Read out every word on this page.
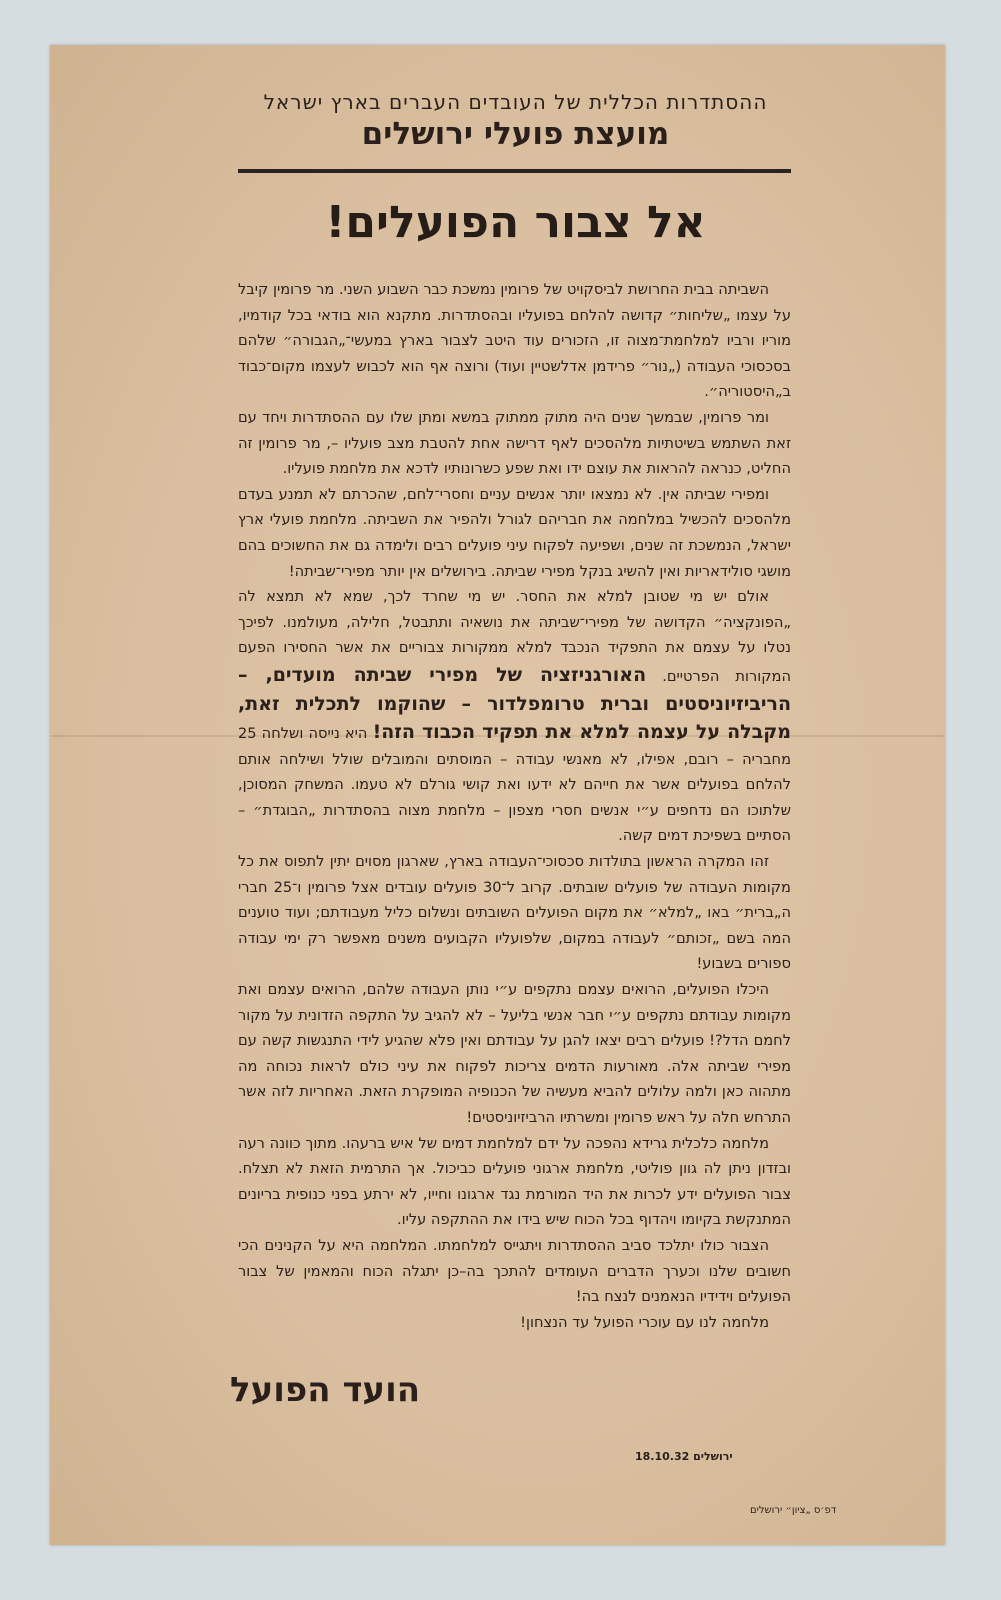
ההסתדרות הכללית של העובדים העברים בארץ ישראל
מועצת פועלי ירושלים
אל צבור הפועלים!

השביתה בבית החרושת לביסקויט של פרומין נמשכת כבר השבוע השני. מר פרומין קיבל על עצמו „שליחות״ קדושה להלחם בפועליו ובהסתדרות. מתקנא הוא בודאי בכל קודמיו, מוריו ורביו למלחמת־מצוה זו, הזכורים עוד היטב לצבור בארץ במעשי־„הגבורה״ שלהם בסכסוכי העבודה („נור״ פרידמן אדלשטיין ועוד) ורוצה אף הוא לכבוש לעצמו מקום־כבוד ב„היסטוריה״.

ומר פרומין, שבמשך שנים היה מתוק ממתוק במשא ומתן שלו עם ההסתדרות ויחד עם זאת השתמש בשיטתיות מלהסכים לאף דרישה אחת להטבת מצב פועליו –, מר פרומין זה החליט, כנראה להראות את עוצם ידו ואת שפע כשרונותיו לדכא את מלחמת פועליו.

ומפירי שביתה אין. לא נמצאו יותר אנשים עניים וחסרי־לחם, שהכרתם לא תמנע בעדם מלהסכים להכשיל במלחמה את חבריהם לגורל ולהפיר את השביתה. מלחמת פועלי ארץ ישראל, הנמשכת זה שנים, ושפיעה לפקוח עיני פועלים רבים ולימדה גם את החשוכים בהם מושגי סולידאריות ואין להשיג בנקל מפירי שביתה. בירושלים אין יותר מפירי־שביתה!

אולם יש מי שטובן למלא את החסר. יש מי שחרד לכך, שמא לא תמצא לה „הפונקציה״ הקדושה של מפירי־שביתה את נושאיה ותתבטל, חלילה, מעולמנו. לפיכך נטלו על עצמם את התפקיד הנכבד למלא ממקורות צבוריים את אשר החסירו הפעם המקורות הפרטיים. האורגניזציה של מפירי שביתה מועדים, – הריביזיוניסטים וברית טרומפלדור – שהוקמו לתכלית זאת, מקבלה על עצמה למלא את תפקיד הכבוד הזה! היא נייסה ושלחה 25 מחבריה – רובם, אפילו, לא מאנשי עבודה – המוסתים והמובלים שולל ושילחה אותם להלחם בפועלים אשר את חייהם לא ידעו ואת קושי גורלם לא טעמו. המשחק המסוכן, שלתוכו הם נדחפים ע״י אנשים חסרי מצפון – מלחמת מצוה בהסתדרות „הבוגדת״ – הסתיים בשפיכת דמים קשה.

זהו המקרה הראשון בתולדות סכסוכי־העבודה בארץ, שארגון מסוים יתין לתפוס את כל מקומות העבודה של פועלים שובתים. קרוב ל־30 פועלים עובדים אצל פרומין ו־25 חברי ה„ברית״ באו „למלא״ את מקום הפועלים השובתים ונשלום כליל מעבודתם; ועוד טוענים המה בשם „זכותם״ לעבודה במקום, שלפועליו הקבועים משנים מאפשר רק ימי עבודה ספורים בשבוע!

היכלו הפועלים, הרואים עצמם נתקפים ע״י נותן העבודה שלהם, הרואים עצמם ואת מקומות עבודתם נתקפים ע״י חבר אנשי בליעל – לא להגיב על התקפה הזדונית על מקור לחמם הדל?! פועלים רבים יצאו להגן על עבודתם ואין פלא שהגיע לידי התנגשות קשה עם מפירי שביתה אלה. מאורעות הדמים צריכות לפקוח את עיני כולם לראות נכוחה מה מתהוה כאן ולמה עלולים להביא מעשיה של הכנופיה המופקרת הזאת. האחריות לזה אשר התרחש חלה על ראש פרומין ומשרתיו הרביזיוניסטים!

מלחמה כלכלית גרידא נהפכה על ידם למלחמת דמים של איש ברעהו. מתוך כוונה רעה ובזדון ניתן לה גוון פוליטי, מלחמת ארגוני פועלים כביכול. אך התרמית הזאת לא תצלח. צבור הפועלים ידע לכרות את היד המורמת נגד ארגונו וחייו, לא ירתע בפני כנופית בריונים המתנקשת בקיומו ויהדוף בכל הכוח שיש בידו את ההתקפה עליו.

הצבור כולו יתלכד סביב ההסתדרות ויתגייס למלחמתו. המלחמה היא על הקנינים הכי חשובים שלנו וכערך הדברים העומדים להתכך בה–כן יתגלה הכוח והמאמין של צבור הפועלים וידידיו הנאמנים לנצח בה!

מלחמה לנו עם עוכרי הפועל עד הנצחון!

הועד הפועל
ירושלים 18.10.32
דפ׳ס „ציון״ ירושלים
